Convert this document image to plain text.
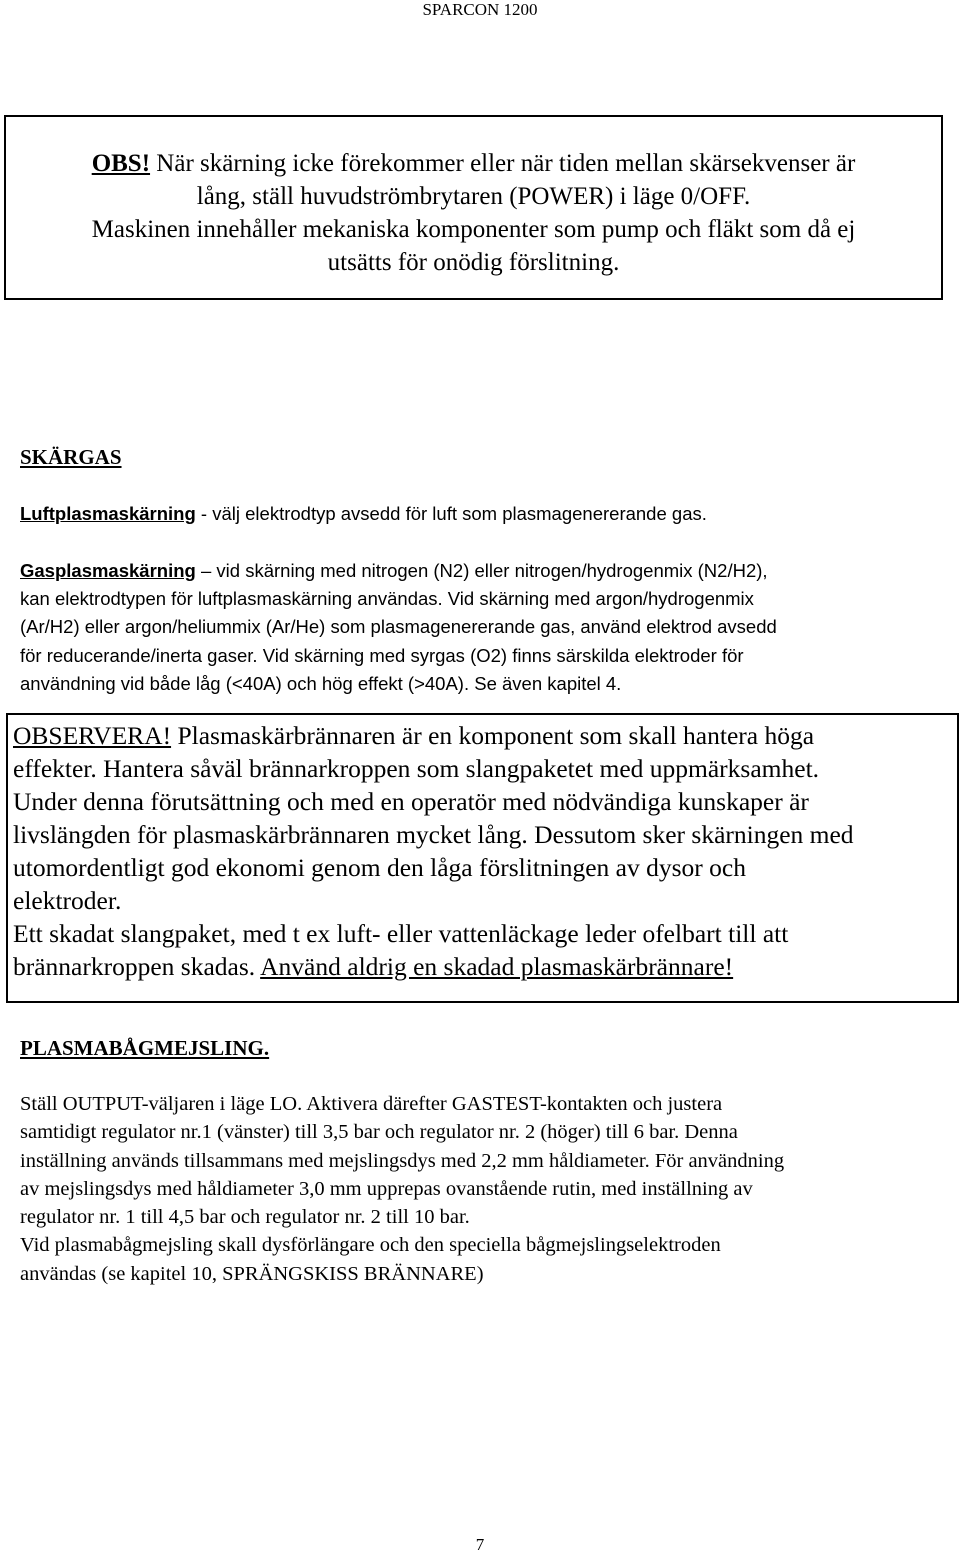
SPARCON 1200
OBS! När skärning icke förekommer eller när tiden mellan skärsekvenser är
lång, ställ huvudströmbrytaren (POWER) i läge 0/OFF.
Maskinen innehåller mekaniska komponenter som pump och fläkt som då ej
utsätts för onödig förslitning.
SKÄRGAS
Luftplasmaskärning - välj elektrodtyp avsedd för luft som plasmagenererande gas.
Gasplasmaskärning – vid skärning med nitrogen (N2) eller nitrogen/hydrogenmix (N2/H2),
kan elektrodtypen för luftplasmaskärning användas. Vid skärning med argon/hydrogenmix
(Ar/H2) eller argon/heliummix (Ar/He) som plasmagenererande gas, använd elektrod avsedd
för reducerande/inerta gaser. Vid skärning med syrgas (O2) finns särskilda elektroder för
användning vid både låg (<40A) och hög effekt (>40A). Se även kapitel 4.
OBSERVERA! Plasmaskärbrännaren är en komponent som skall hantera höga
effekter. Hantera såväl brännarkroppen som slangpaketet med uppmärksamhet.
Under denna förutsättning och med en operatör med nödvändiga kunskaper är
livslängden för plasmaskärbrännaren mycket lång. Dessutom sker skärningen med
utomordentligt god ekonomi genom den låga förslitningen av dysor och
elektroder.
Ett skadat slangpaket, med t ex luft- eller vattenläckage leder ofelbart till att
brännarkroppen skadas. Använd aldrig en skadad plasmaskärbrännare!
PLASMABÅGMEJSLING.
Ställ OUTPUT-väljaren i läge LO. Aktivera därefter GASTEST-kontakten och justera
samtidigt regulator nr.1 (vänster) till 3,5 bar och regulator nr. 2 (höger) till 6 bar. Denna
inställning används tillsammans med mejslingsdys med 2,2 mm håldiameter. För användning
av mejslingsdys med håldiameter 3,0 mm upprepas ovanstående rutin, med inställning av
regulator nr. 1 till 4,5 bar och regulator nr. 2 till 10 bar.
Vid plasmabågmejsling skall dysförlängare och den speciella bågmejslingselektroden
användas (se kapitel 10, SPRÄNGSKISS BRÄNNARE)
7
